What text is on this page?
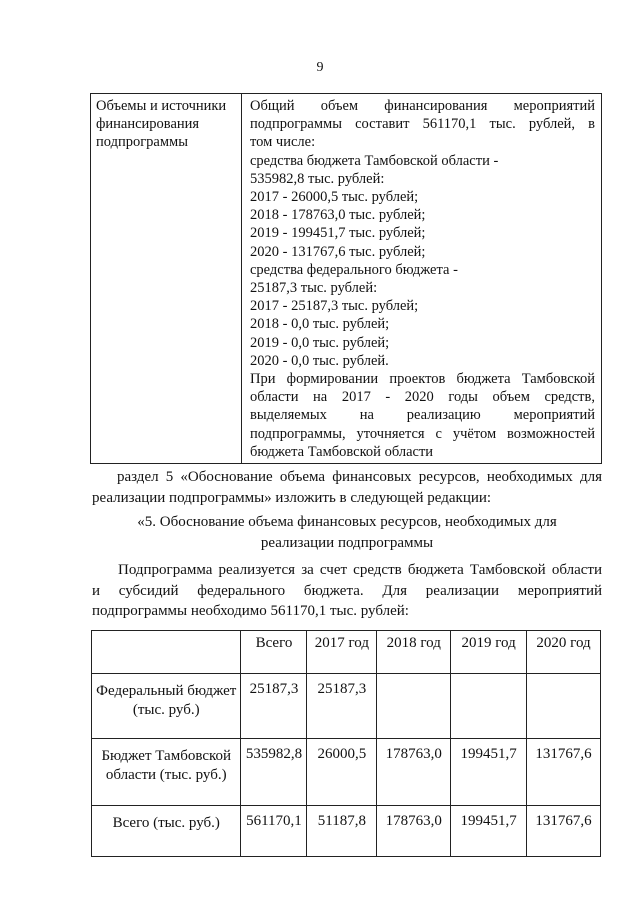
9
Объемы и источники финансирования подпрограммы	
Общий объем финансирования мероприятий
подпрограммы составит 561170,1 тыс. рублей, в
том числе:
средства бюджета Тамбовской области -
535982,8 тыс. рублей:
2017 - 26000,5 тыс. рублей;
2018 - 178763,0 тыс. рублей;
2019 - 199451,7 тыс. рублей;
2020 - 131767,6 тыс. рублей;
средства федерального бюджета -
25187,3 тыс. рублей:
2017 - 25187,3 тыс. рублей;
2018 - 0,0 тыс. рублей;
2019 - 0,0 тыс. рублей;
2020 - 0,0 тыс. рублей.
При формировании проектов бюджета Тамбовской
области на 2017 - 2020 годы объем средств,
выделяемых на реализацию мероприятий
подпрограммы, уточняется с учётом возможностей
бюджета Тамбовской области
раздел 5 «Обоснование объема финансовых ресурсов, необходимых для
реализации подпрограммы» изложить в следующей редакции:
«5. Обоснование объема финансовых ресурсов, необходимых для
реализации подпрограммы
Подпрограмма реализуется за счет средств бюджета Тамбовской области
и субсидий федерального бюджета. Для реализации мероприятий
подпрограммы необходимо 561170,1 тыс. рублей:
	Всего	2017 год	2018 год	2019 год	2020 год
Федеральный бюджет (тыс. руб.)	25187,3	25187,3			
Бюджет Тамбовской области (тыс. руб.)	535982,8	26000,5	178763,0	199451,7	131767,6
Всего (тыс. руб.)	561170,1	51187,8	178763,0	199451,7	131767,6
